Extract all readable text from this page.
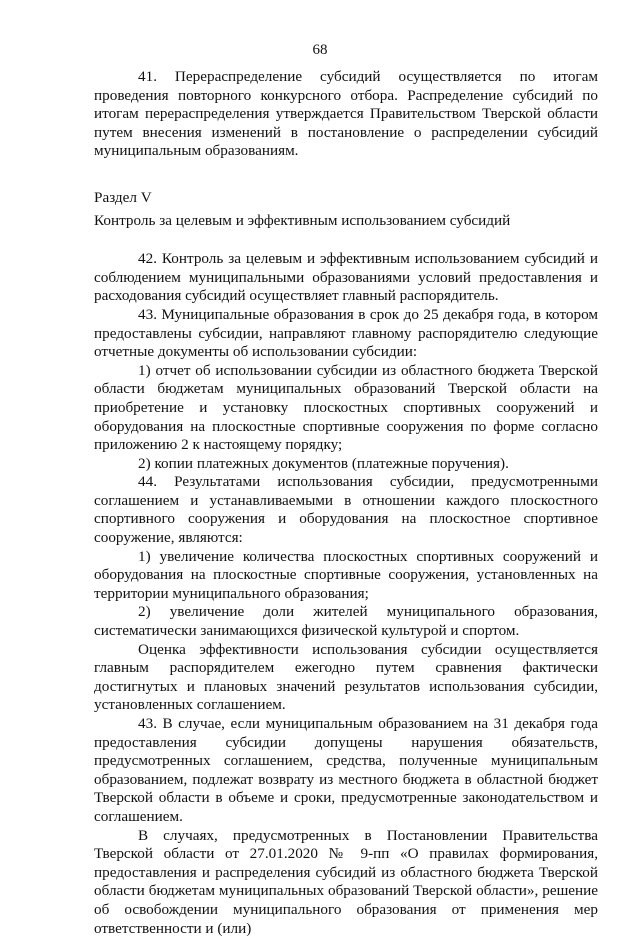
68

41. Перераспределение субсидий осуществляется по итогам проведения повторного конкурсного отбора. Распределение субсидий по итогам перераспределения утверждается Правительством Тверской области путем внесения изменений в постановление о распределении субсидий муниципальным образованиям.

Раздел V

Контроль за целевым и эффективным использованием субсидий

42. Контроль за целевым и эффективным использованием субсидий и соблюдением муниципальными образованиями условий предоставления и расходования субсидий осуществляет главный распорядитель.

43. Муниципальные образования в срок до 25 декабря года, в котором предоставлены субсидии, направляют главному распорядителю следующие отчетные документы об использовании субсидии:

1) отчет об использовании субсидии из областного бюджета Тверской области бюджетам муниципальных образований Тверской области на приобретение и установку плоскостных спортивных сооружений и оборудования на плоскостные спортивные сооружения по форме согласно приложению 2 к настоящему порядку;

2) копии платежных документов (платежные поручения).

44. Результатами использования субсидии, предусмотренными соглашением и устанавливаемыми в отношении каждого плоскостного спортивного сооружения и оборудования на плоскостное спортивное сооружение, являются:

1) увеличение количества плоскостных спортивных сооружений и оборудования на плоскостные спортивные сооружения, установленных на территории муниципального образования;

2) увеличение доли жителей муниципального образования, систематически занимающихся физической культурой и спортом.

Оценка эффективности использования субсидии осуществляется главным распорядителем ежегодно путем сравнения фактически достигнутых и плановых значений результатов использования субсидии, установленных соглашением.

43. В случае, если муниципальным образованием на 31 декабря года предоставления субсидии допущены нарушения обязательств, предусмотренных соглашением, средства, полученные муниципальным образованием, подлежат возврату из местного бюджета в областной бюджет Тверской области в объеме и сроки, предусмотренные законодательством и соглашением.

В случаях, предусмотренных в Постановлении Правительства Тверской области от 27.01.2020 № 9-пп «О правилах формирования, предоставления и распределения субсидий из областного бюджета Тверской области бюджетам муниципальных образований Тверской области», решение об освобождении муниципального образования от применения мер ответственности и (или)
